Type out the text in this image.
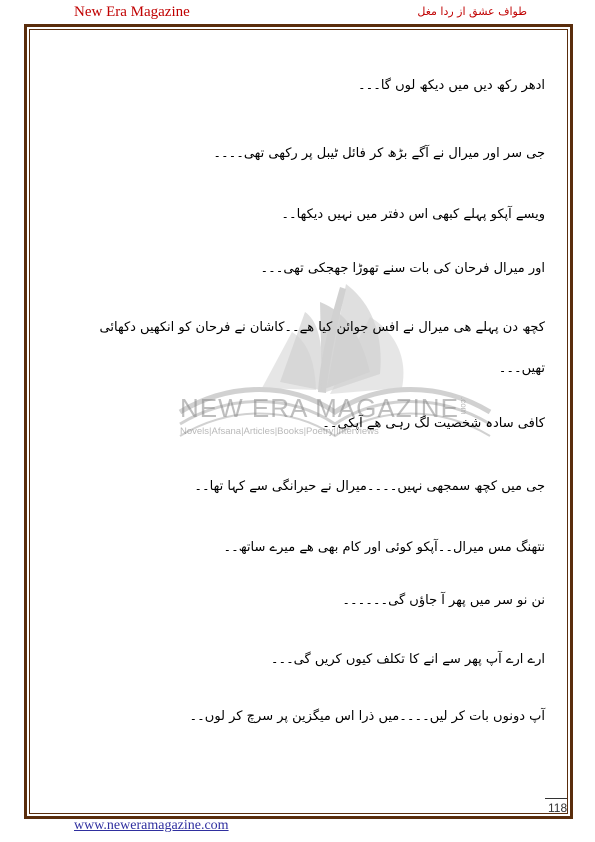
New Era Magazine	طواف عشق از ردا مغل
NEW ERA MAGAZINE
Novels|Afsana|Articles|Books|Poetry|Interviews
.com
ادھر رکھ دیں میں دیکھ لوں گا۔۔۔
جی سر اور میرال نے آگے بڑھ کر فائل ٹیبل پر رکھی تھی۔۔۔۔
ویسے آپکو پہلے کبھی اس دفتر میں نہیں دیکھا۔۔
اور میرال فرحان کی بات سنے تھوڑا جھجکی تھی۔۔۔
کچھ دن پہلے ھی میرال نے افس جوائن کیا ھے۔۔کاشان نے فرحان کو انکھیں دکھائی
تھیں۔۔۔
کافی سادہ شخصیت لگ رہی ھے آپکی۔۔
جی میں کچھ سمجھی نہیں۔۔۔۔میرال نے حیرانگی سے کہا تھا۔۔
نتھنگ مس میرال۔۔آپکو کوئی اور کام بھی ھے میرے ساتھ۔۔
نن نو سر میں پھر آ جاؤں گی۔۔۔۔۔۔
ارے ارے آپ پھر سے انے کا تکلف کیوں کریں گی۔۔۔
آپ دونوں بات کر لیں۔۔۔۔میں ذرا اس میگزین پر سرچ کر لوں۔۔
118
www.neweramagazine.com
